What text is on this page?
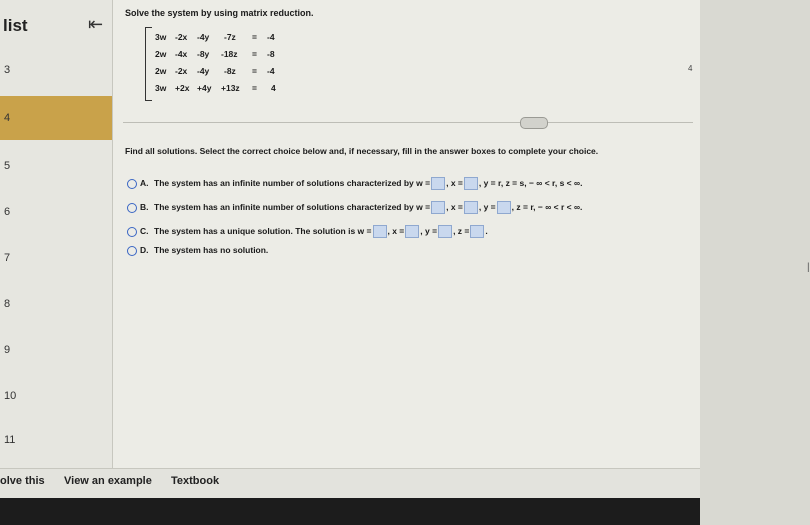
list	⇤
3
4
5
6
7
8
9
10
11
Solve the system by using matrix reduction.
3w -2x -4y -7z = -4
2w -4x -8y -18z = -8
2w -2x -4y -8z = -4
3w +2x +4y +13z = 4
4
Find all solutions. Select the correct choice below and, if necessary, fill in the answer boxes to complete your choice.
A. The system has an infinite number of solutions characterized by w = , x = , y = r, z = s, − ∞ < r, s < ∞.
B. The system has an infinite number of solutions characterized by w = , x = , y = , z = r, − ∞ < r < ∞.
C. The system has a unique solution. The solution is w = , x = , y = , z = .
D. The system has no solution.
|
olve this View an example Textbook
